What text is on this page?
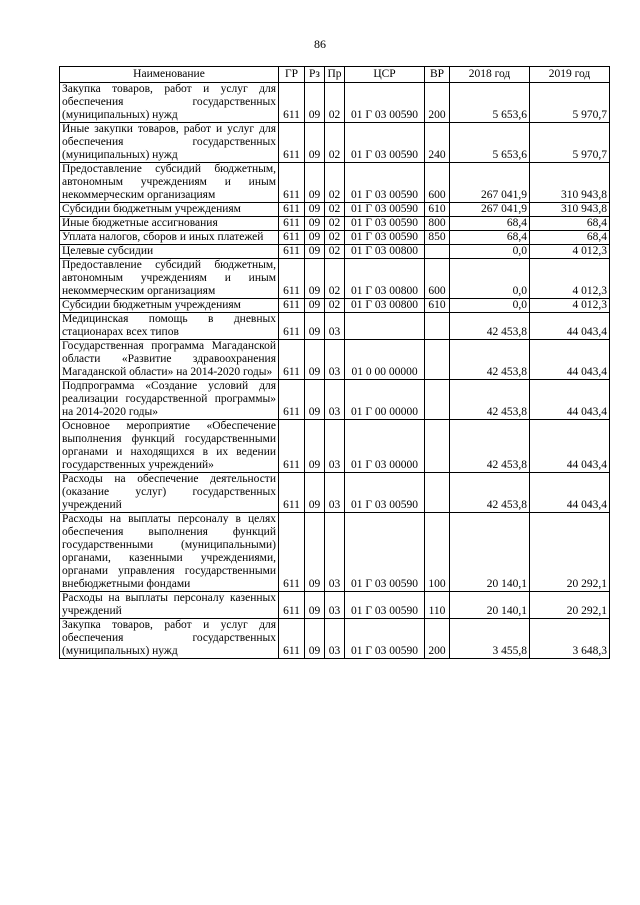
86
Наименование	ГР	Рз	Пр	ЦСР	ВР	2018 год	2019 год
Закупка товаров, работ и услуг для обеспечения государственных (муниципальных) нужд	611	09	02	01 Г 03 00590	200	5 653,6	5 970,7
Иные закупки товаров, работ и услуг для обеспечения государственных (муниципальных) нужд	611	09	02	01 Г 03 00590	240	5 653,6	5 970,7
Предоставление субсидий бюджетным, автономным учреждениям и иным некоммерческим организациям	611	09	02	01 Г 03 00590	600	267 041,9	310 943,8
Субсидии бюджетным учреждениям	611	09	02	01 Г 03 00590	610	267 041,9	310 943,8
Иные бюджетные ассигнования	611	09	02	01 Г 03 00590	800	68,4	68,4
Уплата налогов, сборов и иных платежей	611	09	02	01 Г 03 00590	850	68,4	68,4
Целевые субсидии	611	09	02	01 Г 03 00800		0,0	4 012,3
Предоставление субсидий бюджетным, автономным учреждениям и иным некоммерческим организациям	611	09	02	01 Г 03 00800	600	0,0	4 012,3
Субсидии бюджетным учреждениям	611	09	02	01 Г 03 00800	610	0,0	4 012,3
Медицинская помощь в дневных стационарах всех типов	611	09	03			42 453,8	44 043,4
Государственная программа Магаданской области «Развитие здравоохранения Магаданской области» на 2014-2020 годы»	611	09	03	01 0 00 00000		42 453,8	44 043,4
Подпрограмма «Создание условий для реализации государственной программы» на 2014-2020 годы»	611	09	03	01 Г 00 00000		42 453,8	44 043,4
Основное мероприятие «Обеспечение выполнения функций государственными органами и находящихся в их ведении государственных учреждений»	611	09	03	01 Г 03 00000		42 453,8	44 043,4
Расходы на обеспечение деятельности (оказание услуг) государственных учреждений	611	09	03	01 Г 03 00590		42 453,8	44 043,4
Расходы на выплаты персоналу в целях обеспечения выполнения функций государственными (муниципальными) органами, казенными учреждениями, органами управления государственными внебюджетными фондами	611	09	03	01 Г 03 00590	100	20 140,1	20 292,1
Расходы на выплаты персоналу казенных учреждений	611	09	03	01 Г 03 00590	110	20 140,1	20 292,1
Закупка товаров, работ и услуг для обеспечения государственных (муниципальных) нужд	611	09	03	01 Г 03 00590	200	3 455,8	3 648,3
